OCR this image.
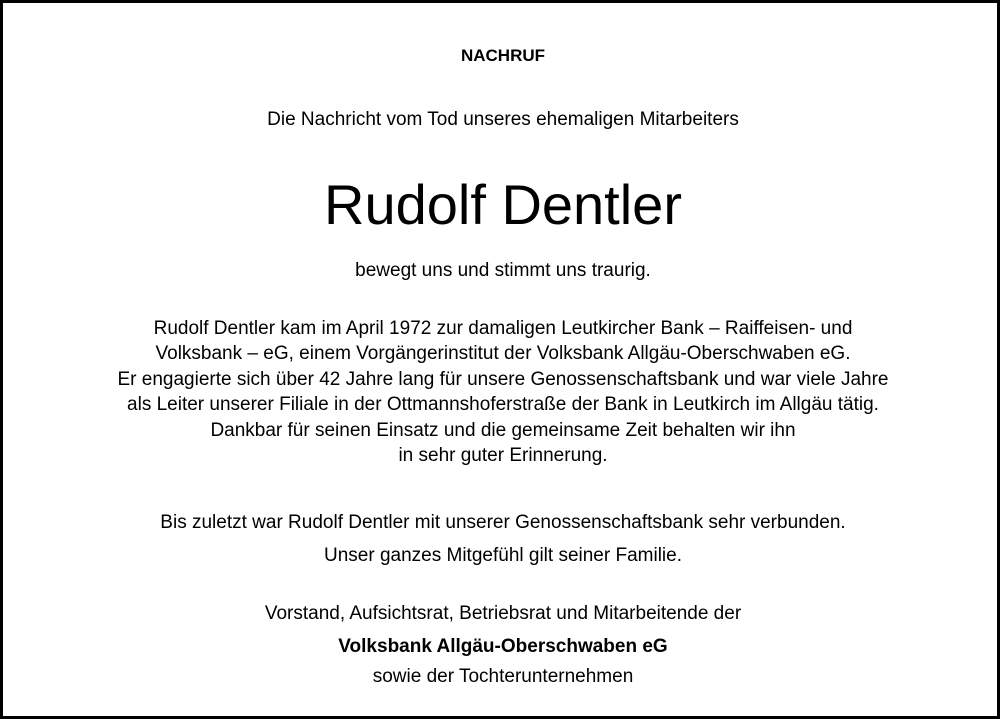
NACHRUF
Die Nachricht vom Tod unseres ehemaligen Mitarbeiters
Rudolf Dentler
bewegt uns und stimmt uns traurig.
Rudolf Dentler kam im April 1972 zur damaligen Leutkircher Bank – Raiffeisen- und
Volksbank – eG, einem Vorgängerinstitut der Volksbank Allgäu-Oberschwaben eG.
Er engagierte sich über 42 Jahre lang für unsere Genossenschaftsbank und war viele Jahre
als Leiter unserer Filiale in der Ottmannshoferstraße der Bank in Leutkirch im Allgäu tätig.
Dankbar für seinen Einsatz und die gemeinsame Zeit behalten wir ihn
in sehr guter Erinnerung.
Bis zuletzt war Rudolf Dentler mit unserer Genossenschaftsbank sehr verbunden.
Unser ganzes Mitgefühl gilt seiner Familie.
Vorstand, Aufsichtsrat, Betriebsrat und Mitarbeitende der
Volksbank Allgäu-Oberschwaben eG
sowie der Tochterunternehmen
